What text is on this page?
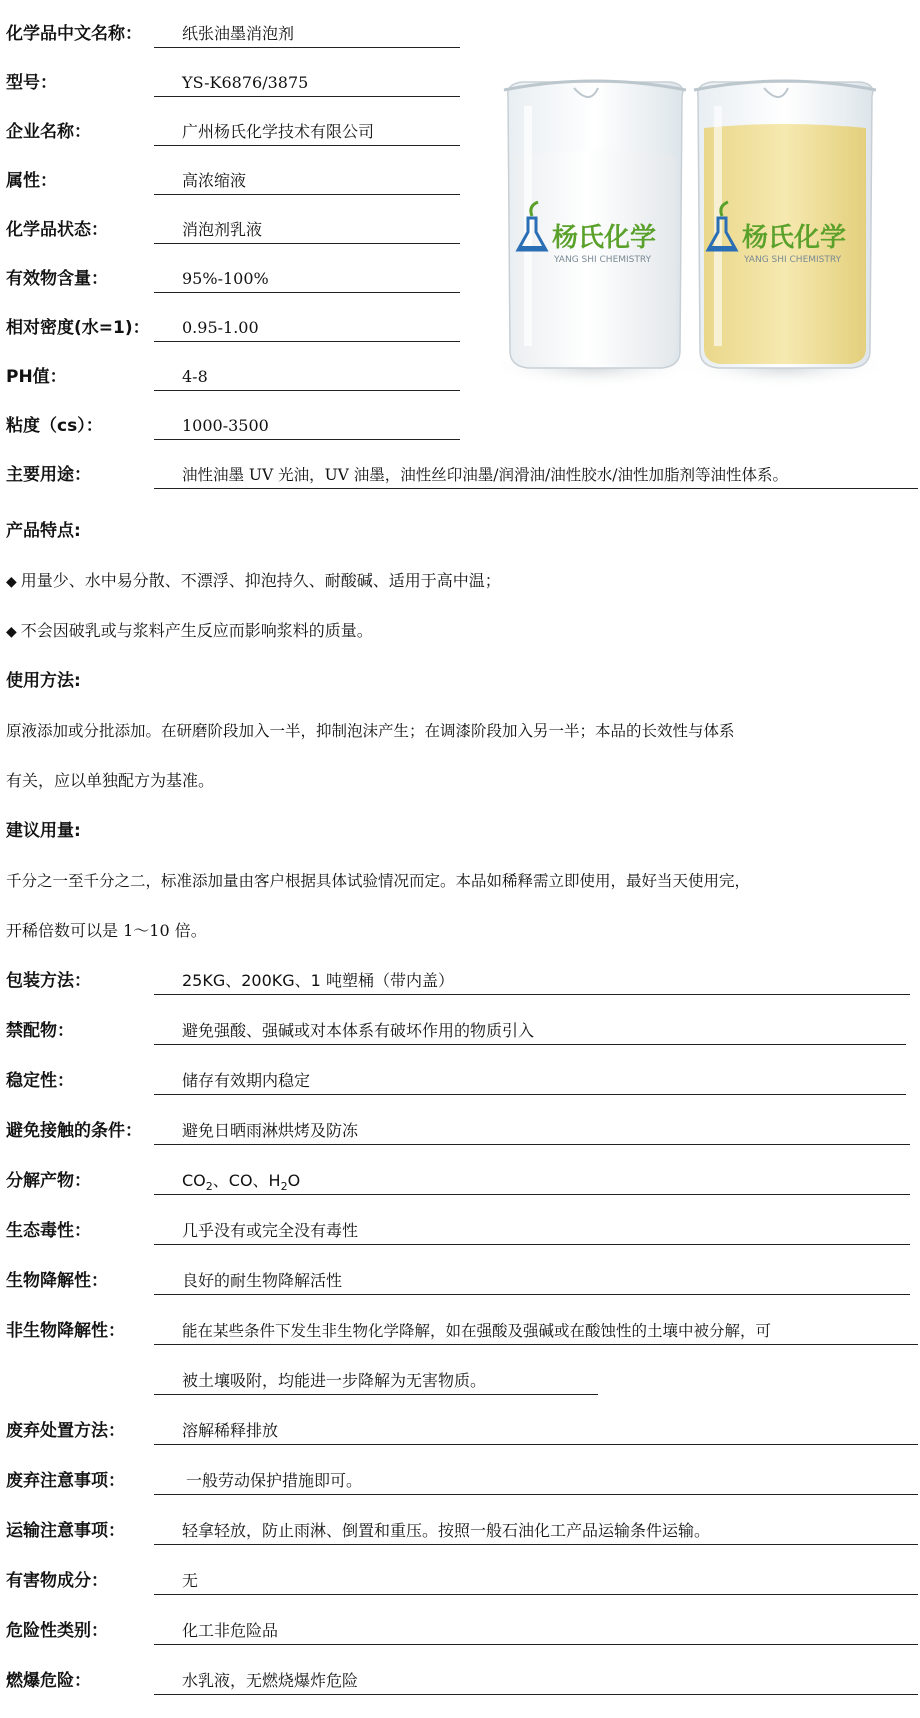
化学品中文名称：	纸张油墨消泡剂
型号：	YS-K6876/3875
企业名称：	广州杨氏化学技术有限公司
属性：	高浓缩液
化学品状态：	消泡剂乳液
有效物含量：	95%-100%
相对密度(水=1)：	0.95-1.00
PH值：	4-8
粘度（cs）：	1000-3500
主要用途：	油性油墨 UV 光油，UV 油墨，油性丝印油墨/润滑油/油性胶水/油性加脂剂等油性体系。
杨氏化学
YANG SHI CHEMISTRY
杨氏化学
YANG SHI CHEMISTRY
产品特点:
◆ 用量少、水中易分散、不漂浮、抑泡持久、耐酸碱、适用于高中温；
◆ 不会因破乳或与浆料产生反应而影响浆料的质量。
使用方法:
原液添加或分批添加。在研磨阶段加入一半，抑制泡沫产生；在调漆阶段加入另一半；本品的长效性与体系
有关，应以单独配方为基准。
建议用量:
千分之一至千分之二，标准添加量由客户根据具体试验情况而定。本品如稀释需立即使用，最好当天使用完，
开稀倍数可以是 1～10 倍。
包装方法：	25KG、200KG、1 吨塑桶（带内盖）
禁配物：	避免强酸、强碱或对本体系有破坏作用的物质引入
稳定性：	储存有效期内稳定
避免接触的条件：	避免日晒雨淋烘烤及防冻
分解产物：	$CO_2$、CO、$H_2O$
生态毒性：	几乎没有或完全没有毒性
生物降解性：	良好的耐生物降解活性
非生物降解性：	能在某些条件下发生非生物化学降解，如在强酸及强碱或在酸蚀性的土壤中被分解，可
被土壤吸附，均能进一步降解为无害物质。
废弃处置方法：	溶解稀释排放
废弃注意事项：	一般劳动保护措施即可。
运输注意事项：	轻拿轻放，防止雨淋、倒置和重压。按照一般石油化工产品运输条件运输。
有害物成分：	无
危险性类别：	化工非危险品
燃爆危险：	水乳液，无燃烧爆炸危险
